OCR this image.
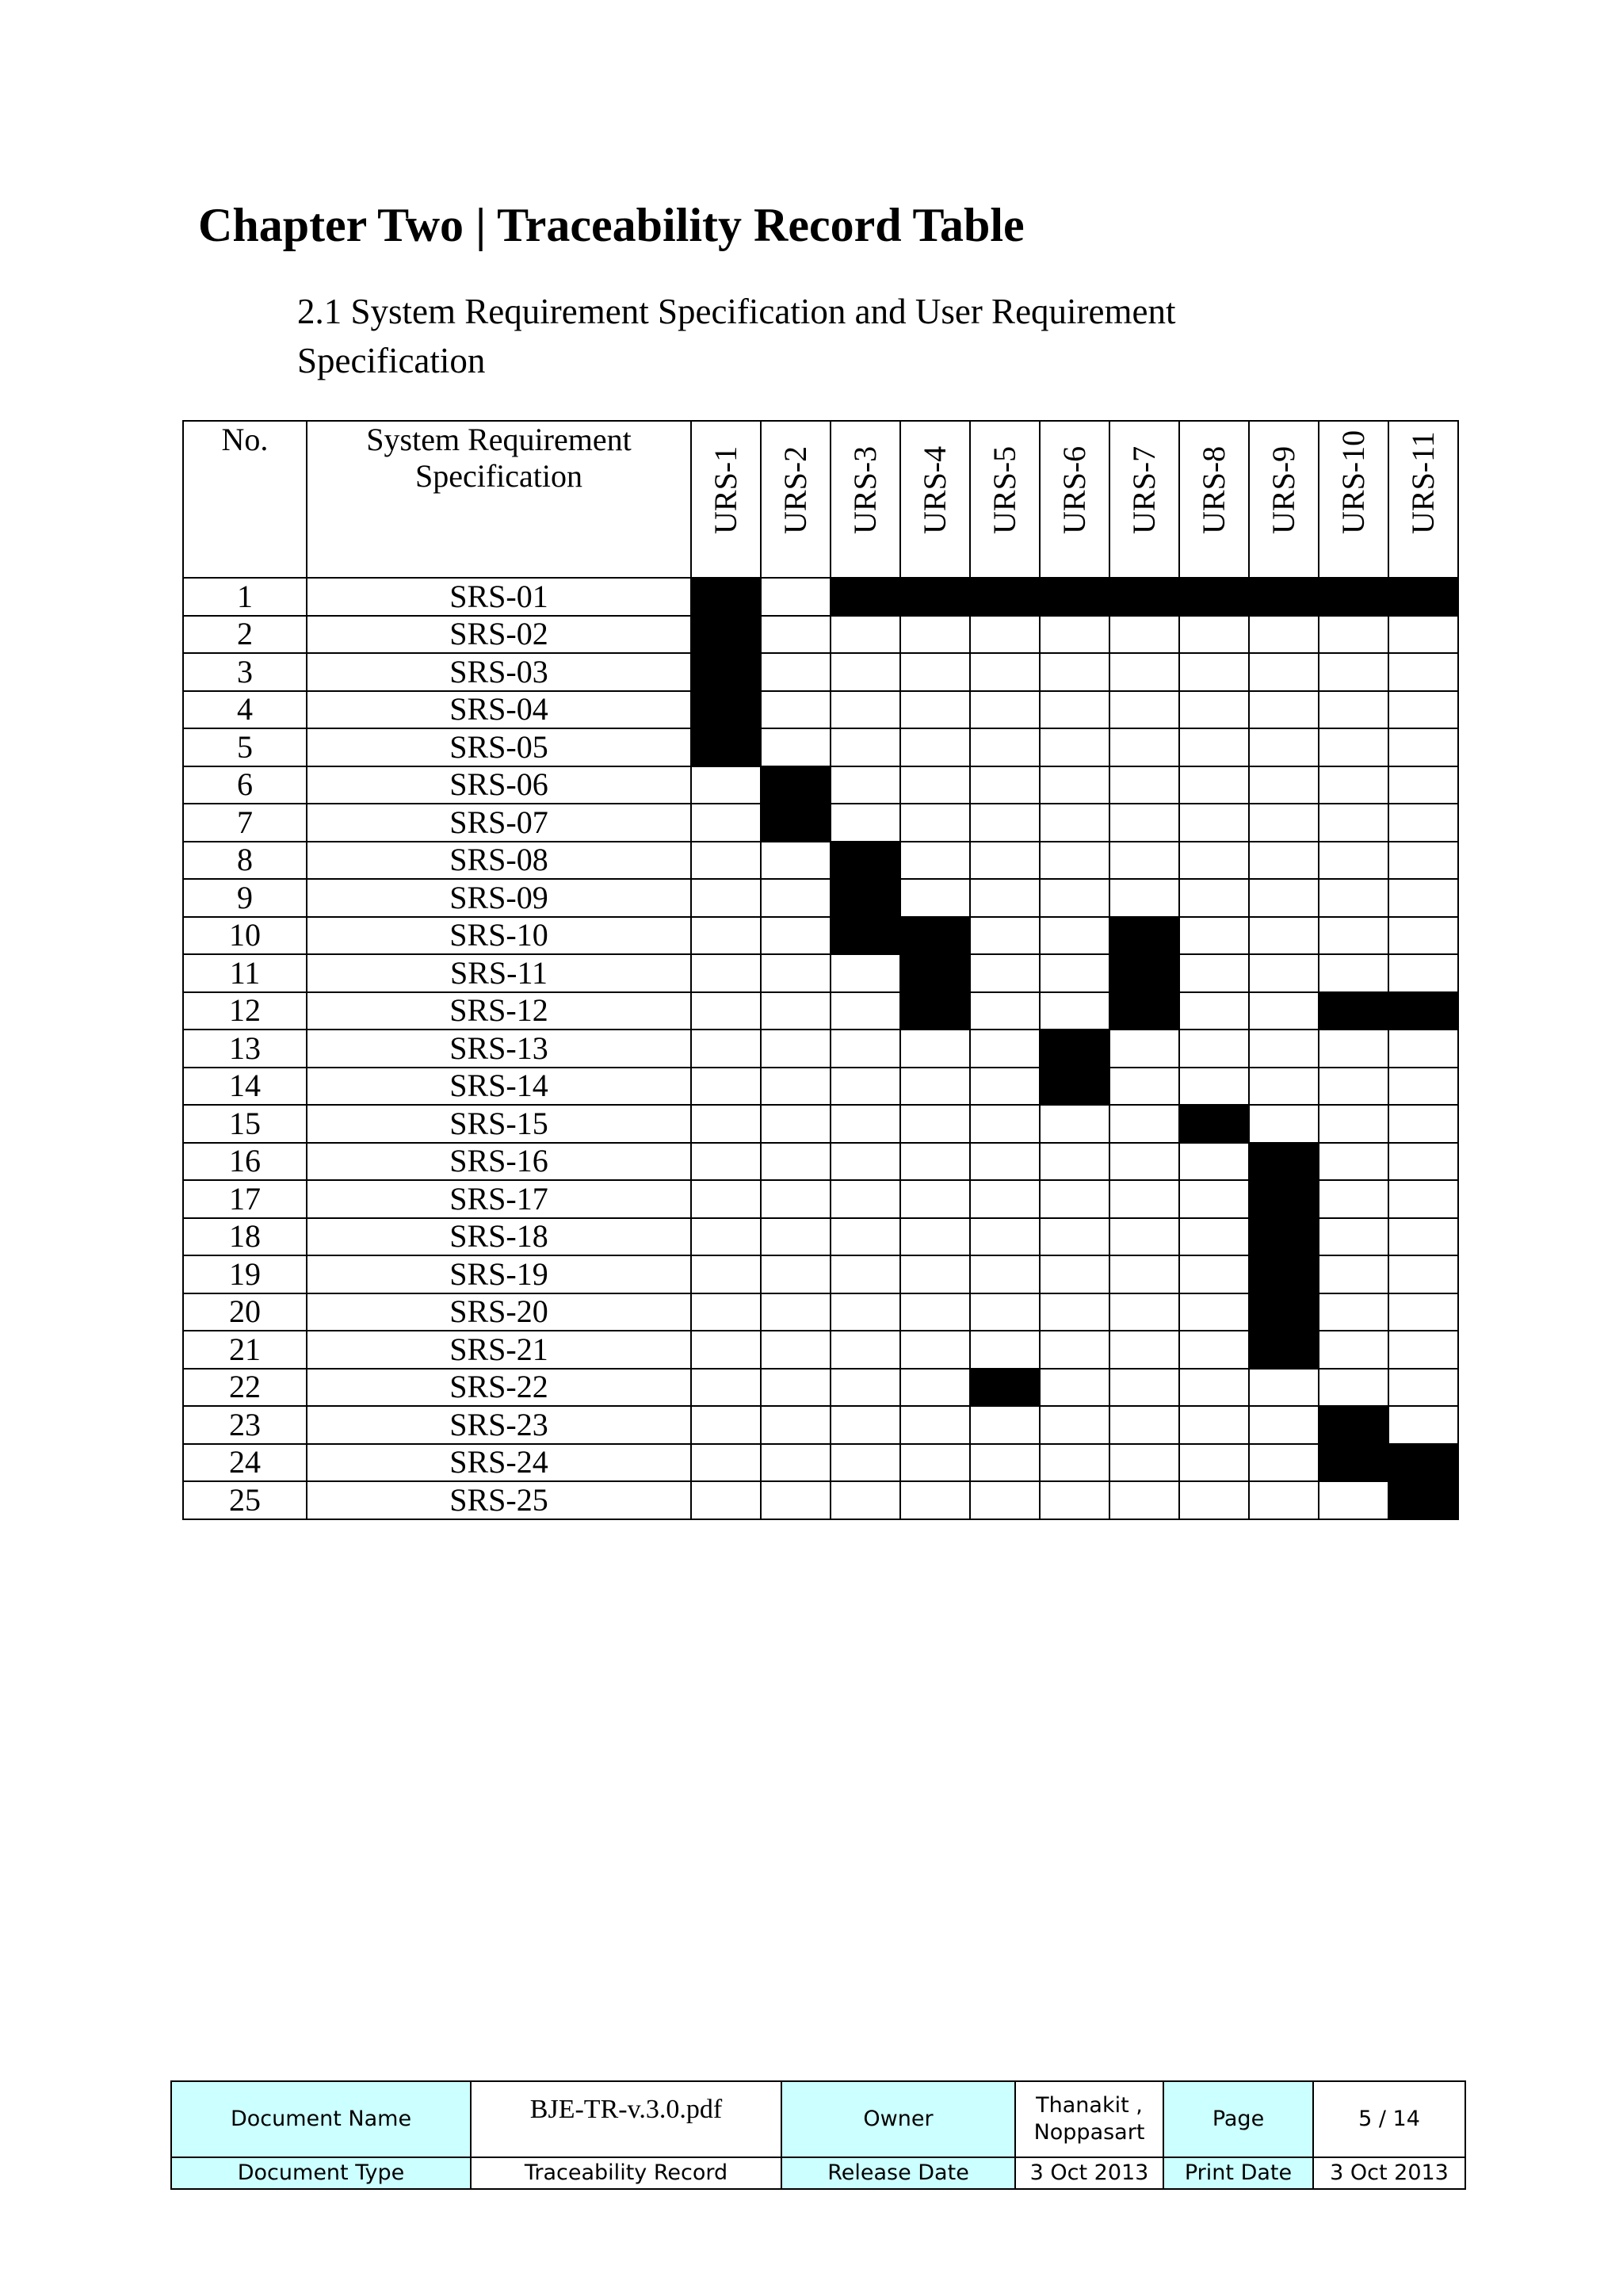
Chapter Two | Traceability Record Table
2.1 System Requirement Specification and User Requirement Specification
No.	System Requirement Specification	URS-1	URS-2	URS-3	URS-4	URS-5	URS-6	URS-7	URS-8	URS-9	URS-10	URS-11

1	SRS-01											
2	SRS-02											
3	SRS-03											
4	SRS-04											
5	SRS-05											
6	SRS-06											
7	SRS-07											
8	SRS-08											
9	SRS-09											
10	SRS-10											
11	SRS-11											
12	SRS-12											
13	SRS-13											
14	SRS-14											
15	SRS-15											
16	SRS-16											
17	SRS-17											
18	SRS-18											
19	SRS-19											
20	SRS-20											
21	SRS-21											
22	SRS-22											
23	SRS-23											
24	SRS-24											
25	SRS-25											
Document Name	BJE-TR-v.3.0.pdf	Owner	Thanakit , Noppasart	Page	5 / 14
Document Type	Traceability Record	Release Date	3 Oct 2013	Print Date	3 Oct 2013
